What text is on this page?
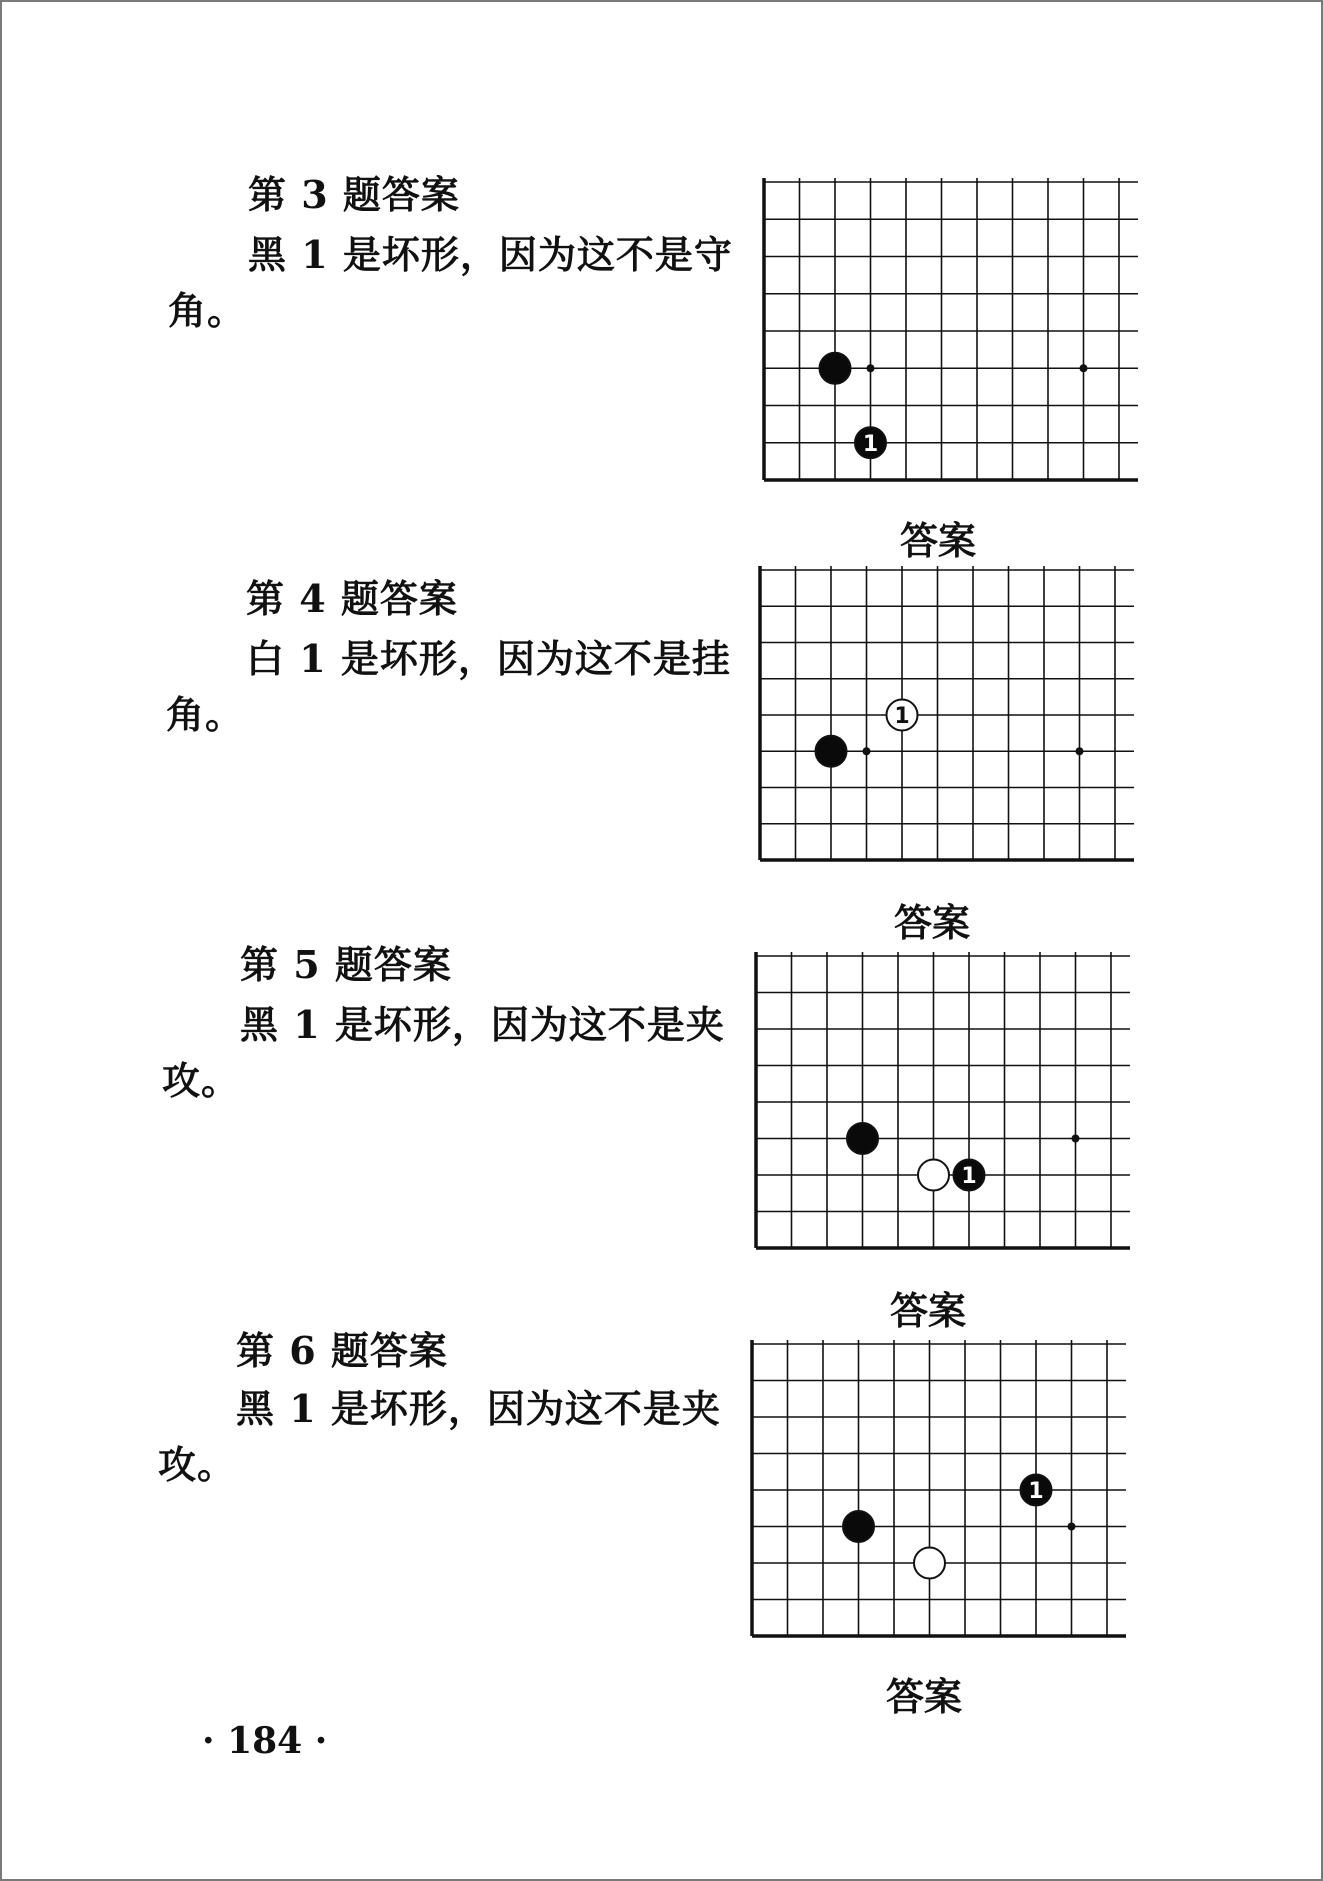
第 3 题答案
黑 1 是坏形，因为这不是守
角。
1
答案
第 4 题答案
白 1 是坏形，因为这不是挂
角。	1
答案
第 5 题答案
黑 1 是坏形，因为这不是夹
攻。
1
答案
第 6 题答案
黑 1 是坏形，因为这不是夹
攻。
1
答案
· 184 ·
